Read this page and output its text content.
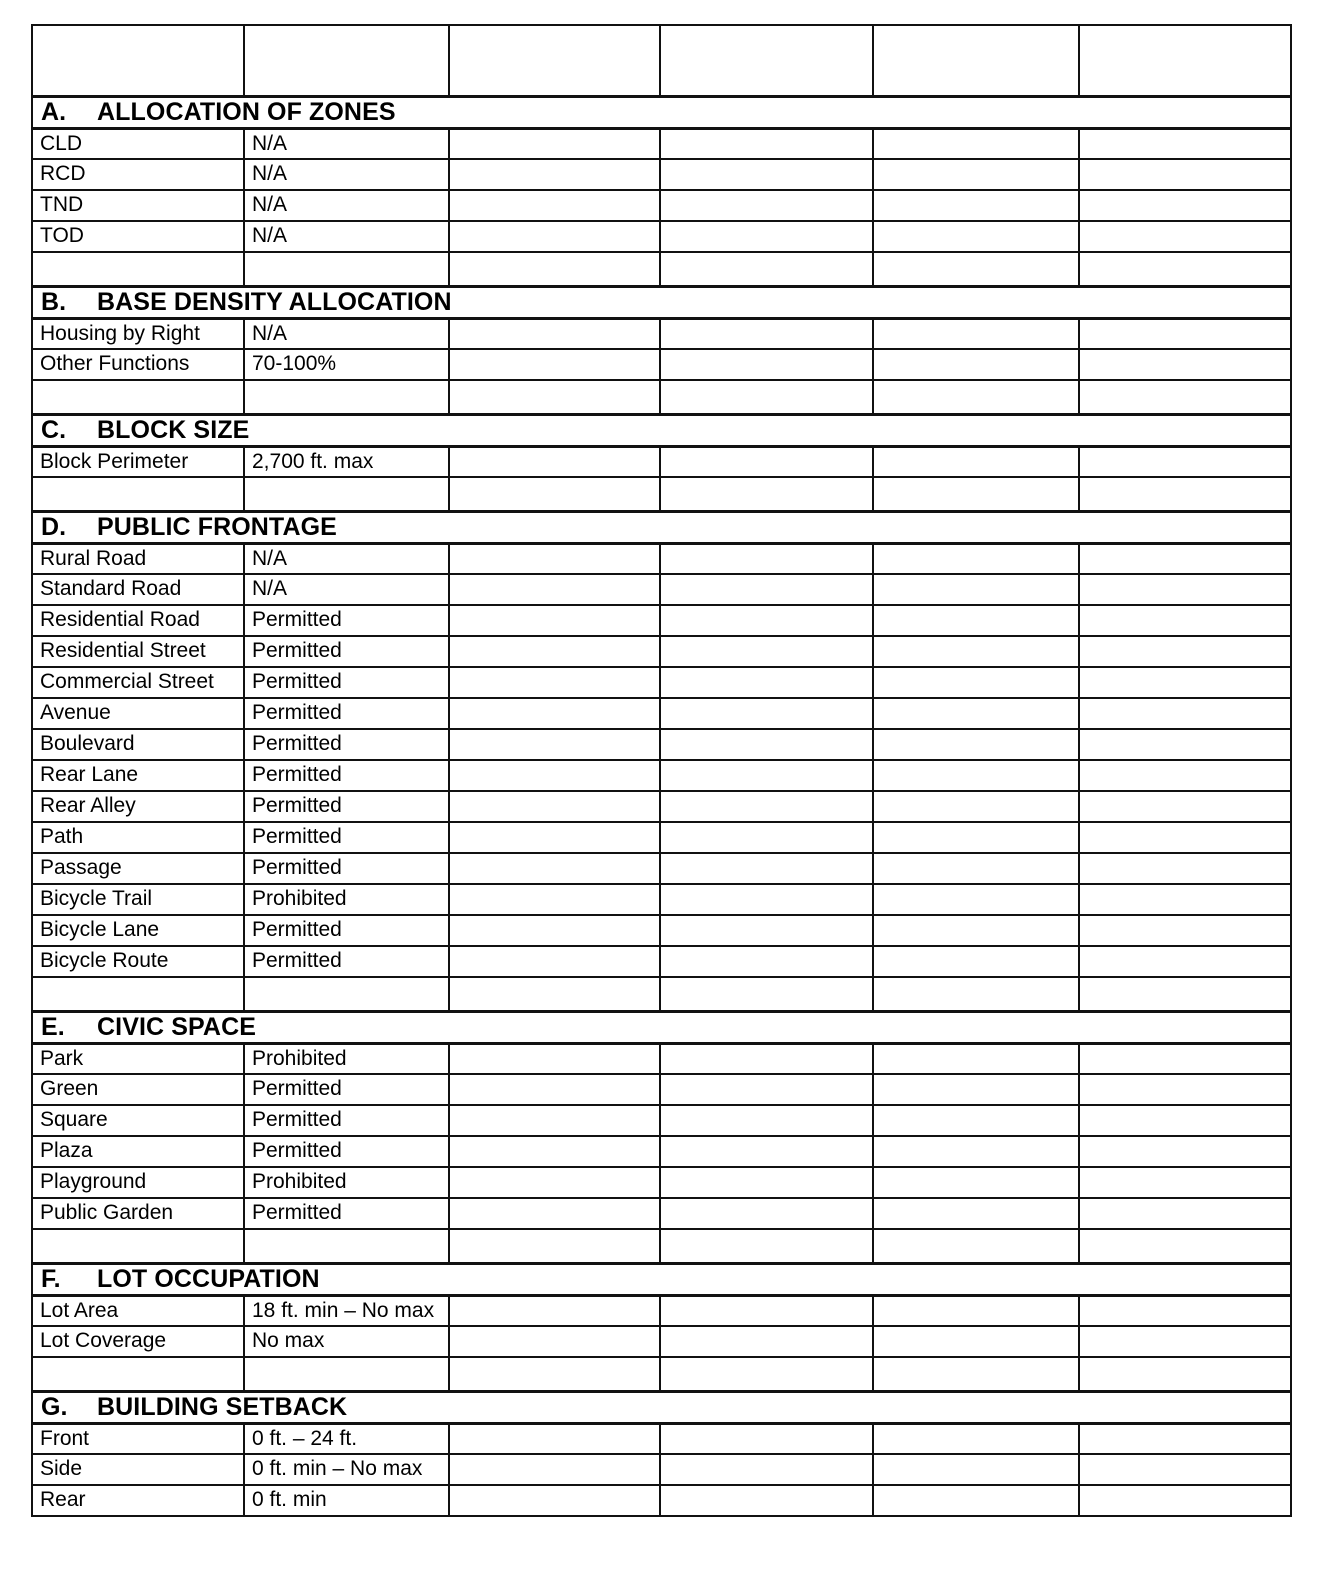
	SD-M
MEDICAL				

A. ALLOCATION OF ZONES					
CLD	N/A				
RCD	N/A				
TND	N/A				
TOD	N/A				

B. BASE DENSITY ALLOCATION					
Housing by Right	N/A				
Other Functions	70-100%				

C. BLOCK SIZE					
Block Perimeter	2,700 ft. max				

D. PUBLIC FRONTAGE					
Rural Road	N/A				
Standard Road	N/A				
Residential Road	Permitted				
Residential Street	Permitted				
Commercial Street	Permitted				
Avenue	Permitted				
Boulevard	Permitted				
Rear Lane	Permitted				
Rear Alley	Permitted				
Path	Permitted				
Passage	Permitted				
Bicycle Trail	Prohibited				
Bicycle Lane	Permitted				
Bicycle Route	Permitted				

E. CIVIC SPACE					
Park	Prohibited				
Green	Permitted				
Square	Permitted				
Plaza	Permitted				
Playground	Prohibited				
Public Garden	Permitted				

F. LOT OCCUPATION					
Lot Area	18 ft. min – No max				
Lot Coverage	No max				

G. BUILDING SETBACK					
Front	0 ft. – 24 ft.				
Side	0 ft. min – No max				
Rear	0 ft. min				
